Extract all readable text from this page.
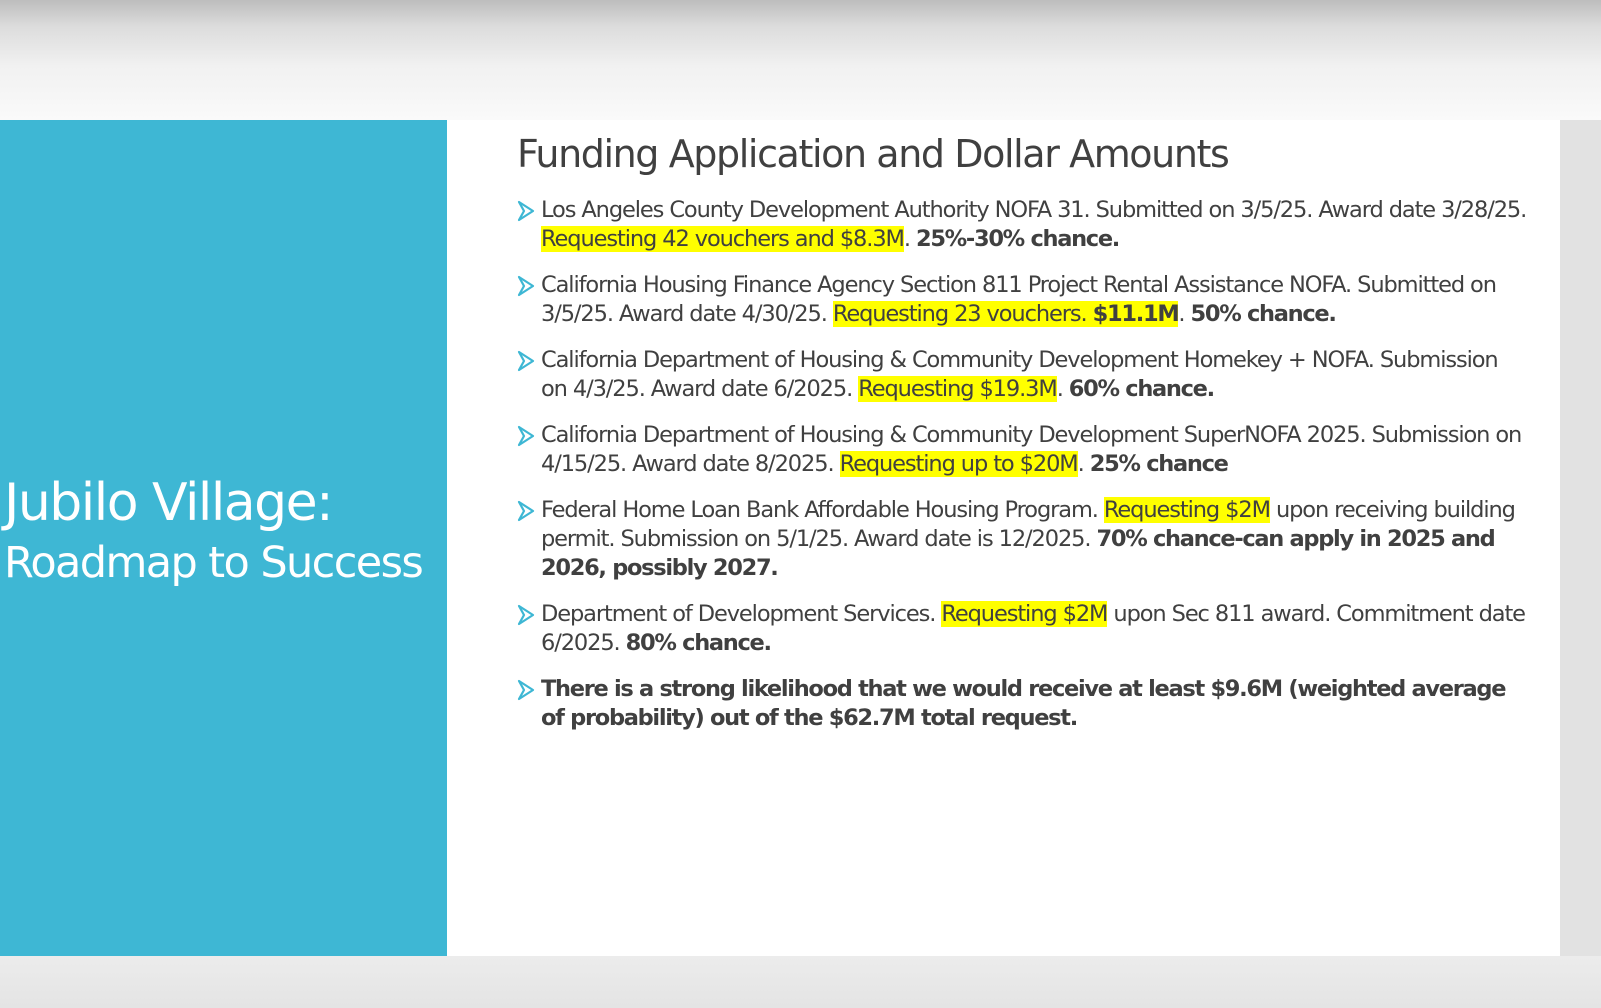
Jubilo Village:
Roadmap to Success
Funding Application and Dollar Amounts
Los Angeles County Development Authority NOFA 31. Submitted on 3/5/25. Award date 3/28/25. Requesting 42 vouchers and $8.3M. 25%-30% chance.
California Housing Finance Agency Section 811 Project Rental Assistance NOFA. Submitted on 3/5/25. Award date 4/30/25. Requesting 23 vouchers. $11.1M. 50% chance.
California Department of Housing & Community Development Homekey + NOFA. Submission on 4/3/25. Award date 6/2025. Requesting $19.3M. 60% chance.
California Department of Housing & Community Development SuperNOFA 2025. Submission on 4/15/25. Award date 8/2025. Requesting up to $20M. 25% chance
Federal Home Loan Bank Affordable Housing Program. Requesting $2M upon receiving building permit. Submission on 5/1/25. Award date is 12/2025. 70% chance-can apply in 2025 and 2026, possibly 2027.
Department of Development Services. Requesting $2M upon Sec 811 award. Commitment date 6/2025. 80% chance.
There is a strong likelihood that we would receive at least $9.6M (weighted average of probability) out of the $62.7M total request.
